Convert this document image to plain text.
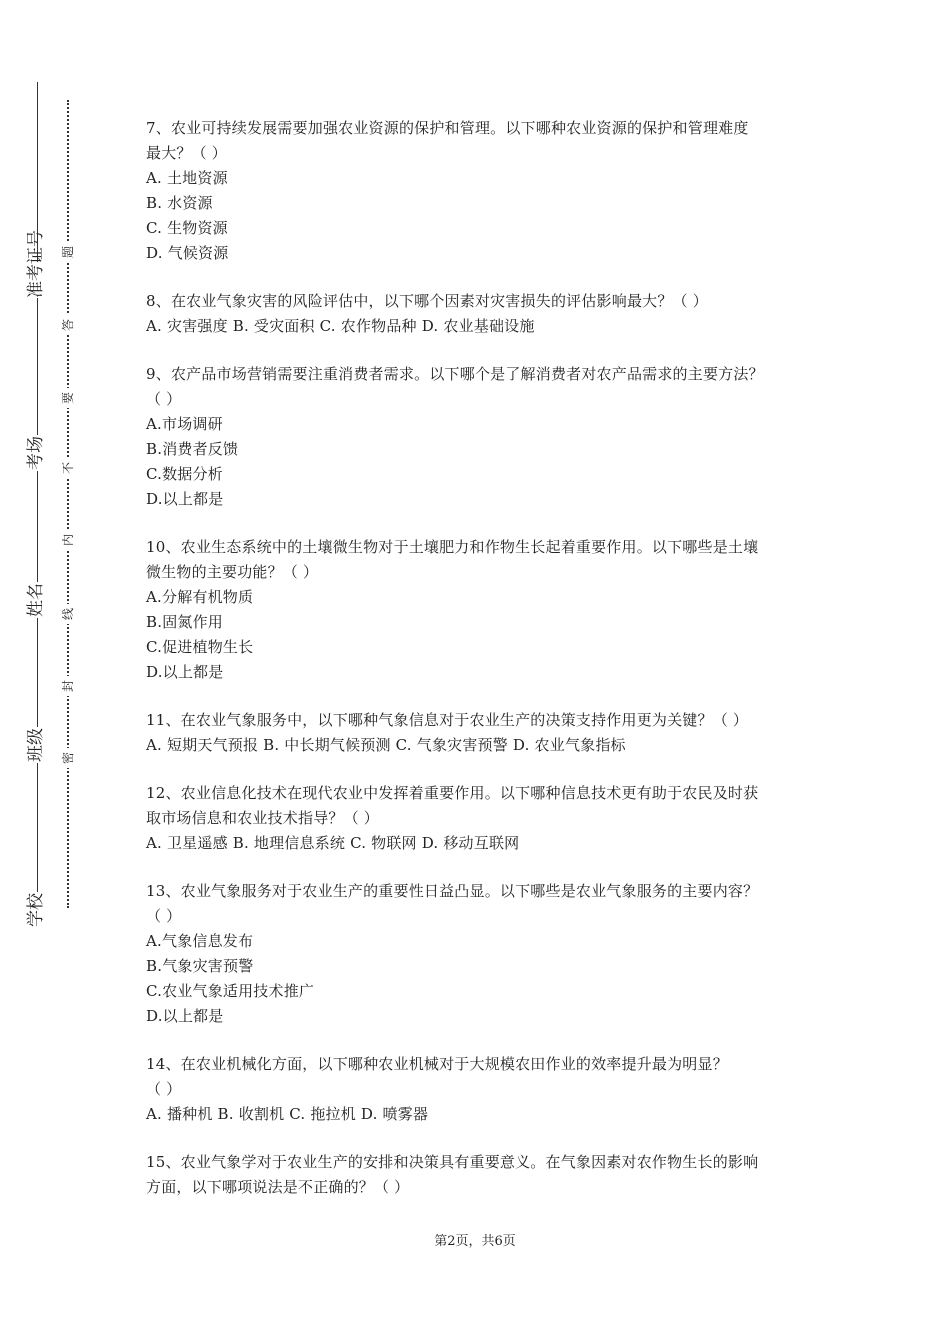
准考证号
考场
姓名
班级
学校
题
答
要
不
内
线
封
密

7、农业可持续发展需要加强农业资源的保护和管理。以下哪种农业资源的保护和管理难度

最大？（ ）

A. 土地资源

B. 水资源

C. 生物资源

D. 气候资源

8、在农业气象灾害的风险评估中，以下哪个因素对灾害损失的评估影响最大？（ ）

A. 灾害强度 B. 受灾面积 C. 农作物品种 D. 农业基础设施

9、农产品市场营销需要注重消费者需求。以下哪个是了解消费者对农产品需求的主要方法？

（ ）

A.市场调研

B.消费者反馈

C.数据分析

D.以上都是

10、农业生态系统中的土壤微生物对于土壤肥力和作物生长起着重要作用。以下哪些是土壤

微生物的主要功能？（ ）

A.分解有机物质

B.固氮作用

C.促进植物生长

D.以上都是

11、在农业气象服务中，以下哪种气象信息对于农业生产的决策支持作用更为关键？（ ）

A. 短期天气预报 B. 中长期气候预测 C. 气象灾害预警 D. 农业气象指标

12、农业信息化技术在现代农业中发挥着重要作用。以下哪种信息技术更有助于农民及时获

取市场信息和农业技术指导？（ ）

A. 卫星遥感 B. 地理信息系统 C. 物联网 D. 移动互联网

13、农业气象服务对于农业生产的重要性日益凸显。以下哪些是农业气象服务的主要内容？

（ ）

A.气象信息发布

B.气象灾害预警

C.农业气象适用技术推广

D.以上都是

14、在农业机械化方面，以下哪种农业机械对于大规模农田作业的效率提升最为明显？

（ ）

A. 播种机 B. 收割机 C. 拖拉机 D. 喷雾器

15、农业气象学对于农业生产的安排和决策具有重要意义。在气象因素对农作物生长的影响

方面，以下哪项说法是不正确的？（ ）

第2页，共6页
